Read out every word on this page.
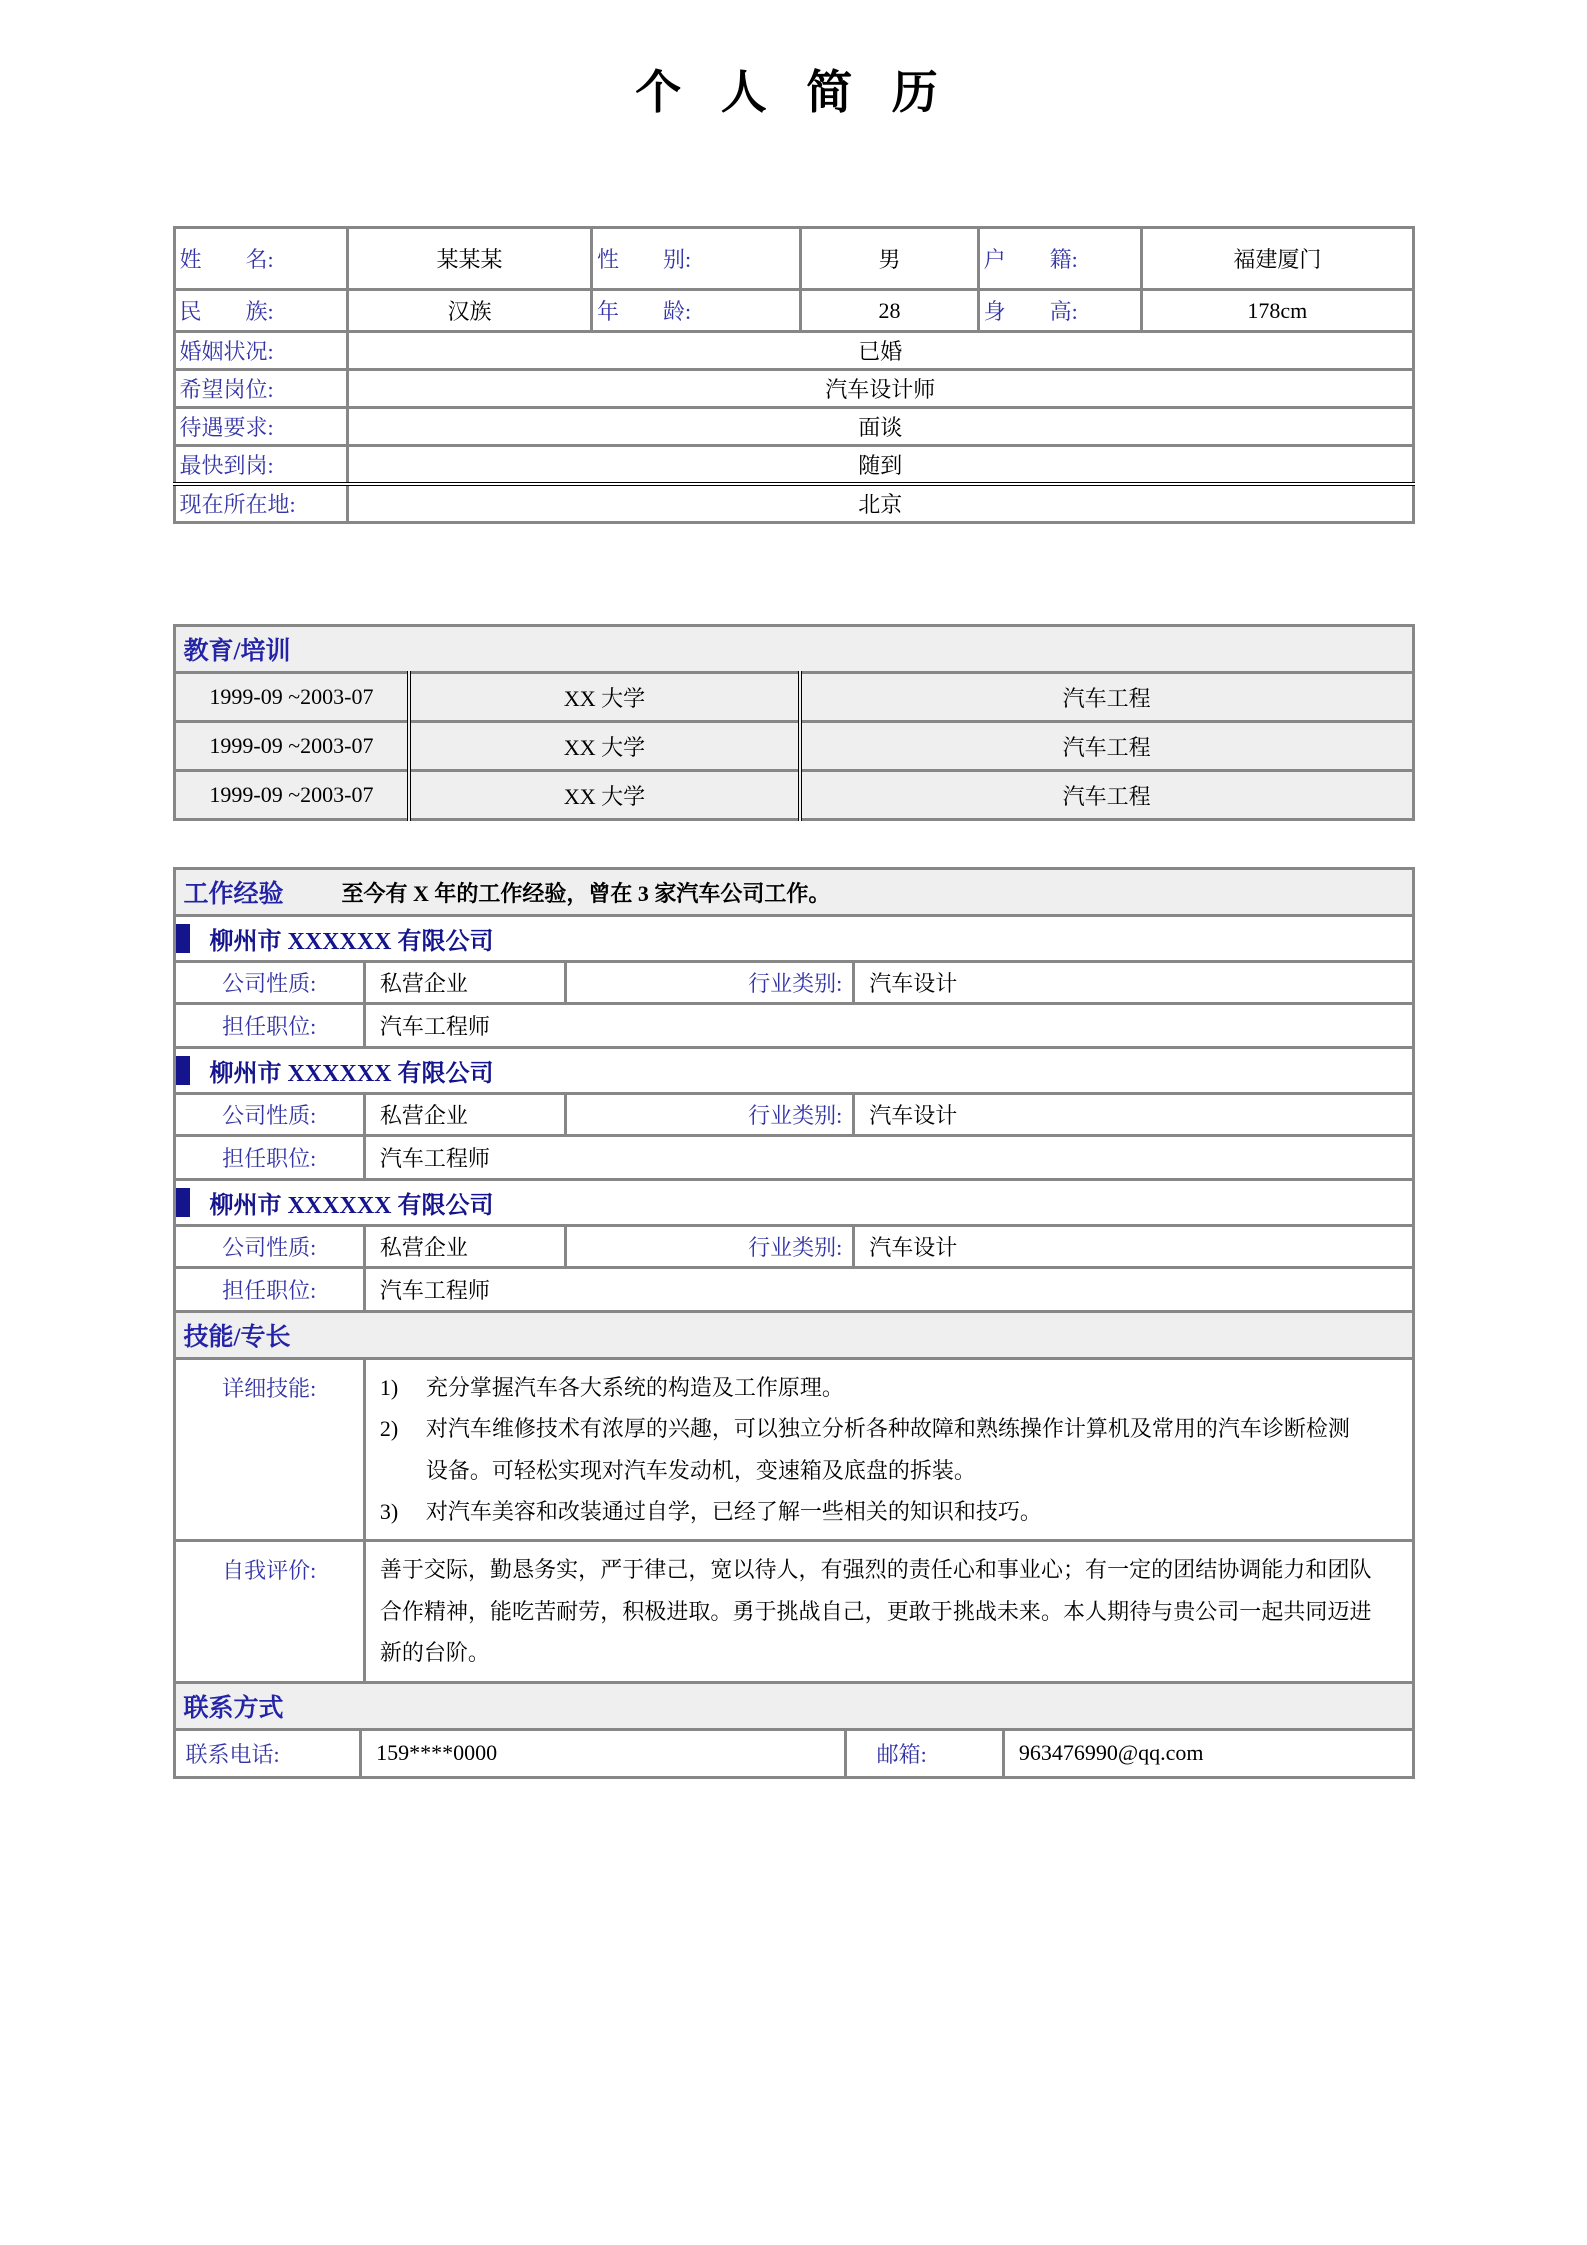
个 人 简 历
姓　　名:	某某某	性　　别:	男	户　　籍:	福建厦门
民　　族:	汉族	年　　龄:	28	身　　高:	178cm
婚姻状况:	已婚				
希望岗位:	汽车设计师				
待遇要求:	面谈				
最快到岗:	随到				
现在所在地:	北京				
教育/培训		
1999-09 ~2003-07	XX 大学	汽车工程
1999-09 ~2003-07	XX 大学	汽车工程
1999-09 ~2003-07	XX 大学	汽车工程
工作经验	至今有 X 年的工作经验，曾在 3 家汽车公司工作。
柳州市 XXXXXX 有限公司
公司性质:	私营企业	行业类别:	汽车设计
担任职位:	汽车工程师
柳州市 XXXXXX 有限公司
公司性质:	私营企业	行业类别:	汽车设计
担任职位:	汽车工程师
柳州市 XXXXXX 有限公司
公司性质:	私营企业	行业类别:	汽车设计
担任职位:	汽车工程师
技能/专长
详细技能:	1)	充分掌握汽车各大系统的构造及工作原理。
2)	对汽车维修技术有浓厚的兴趣，可以独立分析各种故障和熟练操作计算机及常用的汽车诊断检测设备。可轻松实现对汽车发动机，变速箱及底盘的拆装。
3)	对汽车美容和改装通过自学，已经了解一些相关的知识和技巧。
自我评价:	善于交际，勤恳务实，严于律己，宽以待人，有强烈的责任心和事业心；有一定的团结协调能力和团队合作精神，能吃苦耐劳，积极进取。勇于挑战自己，更敢于挑战未来。本人期待与贵公司一起共同迈进新的台阶。
联系方式
联系电话:	159****0000	邮箱:	963476990@qq.com
